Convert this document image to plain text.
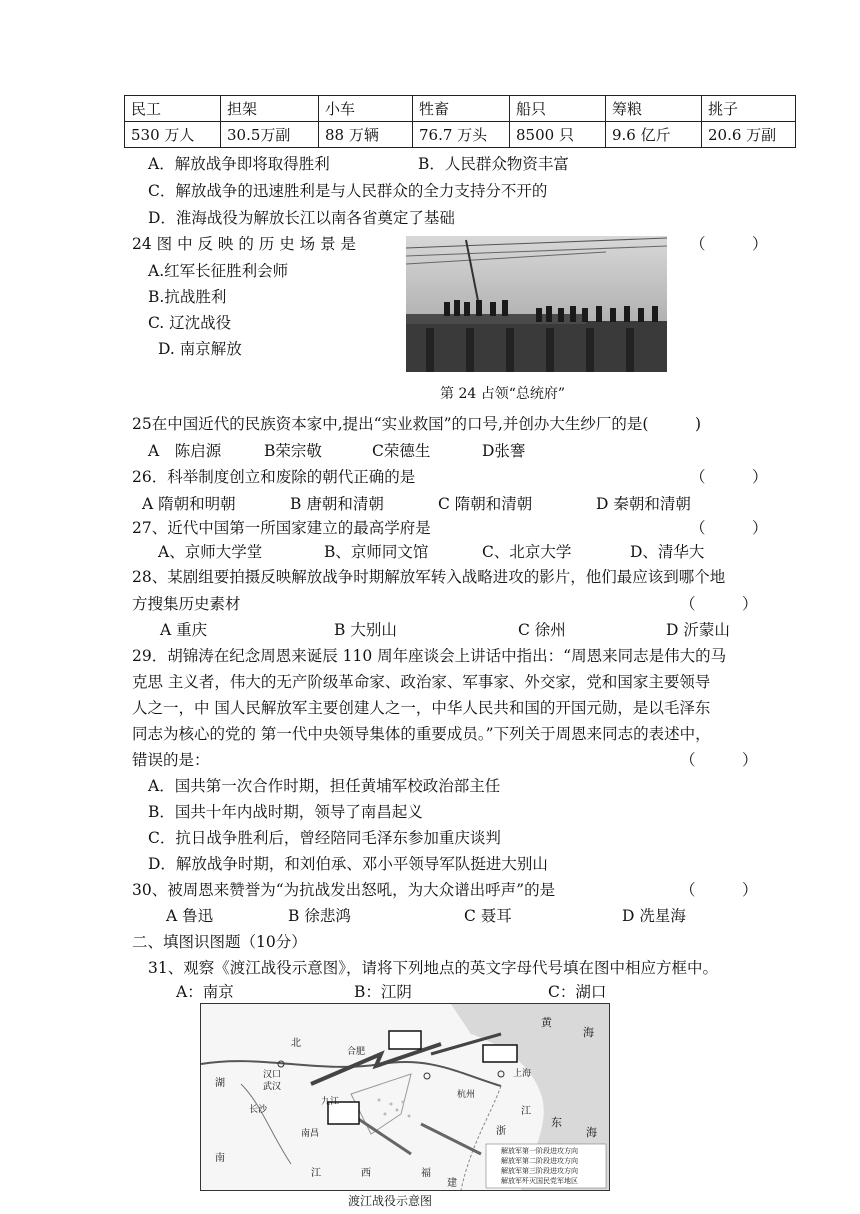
民工	担架	小车	牲畜	船只	筹粮	挑子
530 万人	30.5万副	88 万辆	76.7 万头	8500 只	9.6 亿斤	20.6 万副
A．解放战争即将取得胜利	B．人民群众物资丰富
C．解放战争的迅速胜利是与人民群众的全力支持分不开的
D．淮海战役为解放长江以南各省奠定了基础
24 图 中 反 映 的 历 史 场 景 是	（　　　）
A.红军长征胜利会师
B.抗战胜利
C. 辽沈战役
D. 南京解放
第 24 占领“总统府”
25在中国近代的民族资本家中,提出“实业救国”的口号,并创办大生纱厂的是(　　　)
A　陈启源	B荣宗敬	C荣德生	D张謇
26．科举制度创立和废除的朝代正确的是	（　　　）
A 隋朝和明朝	B 唐朝和清朝	C 隋朝和清朝	D 秦朝和清朝
27、近代中国第一所国家建立的最高学府是	（　　　）
A、京师大学堂	B、京师同文馆	C、北京大学	D、清华大
28、某剧组要拍摄反映解放战争时期解放军转入战略进攻的影片，他们最应该到哪个地
方搜集历史素材	（　　　）
A 重庆	B 大别山	C 徐州	D 沂蒙山
29．胡锦涛在纪念周恩来诞辰 110 周年座谈会上讲话中指出：“周恩来同志是伟大的马
克思 主义者，伟大的无产阶级革命家、政治家、军事家、外交家，党和国家主要领导
人之一，中 国人民解放军主要创建人之一，中华人民共和国的开国元勋，是以毛泽东
同志为核心的党的 第一代中央领导集体的重要成员。”下列关于周恩来同志的表述中，
错误的是：	（　　　）
A．国共第一次合作时期，担任黄埔军校政治部主任
B．国共十年内战时期，领导了南昌起义
C．抗日战争胜利后，曾经陪同毛泽东参加重庆谈判
D．解放战争时期，和刘伯承、邓小平领导军队挺进大别山
30、被周恩来赞誉为“为抗战发出怒吼，为大众谱出呼声”的是	（　　　）
A 鲁迅	B 徐悲鸿	C 聂耳	D 冼星海
二、填图识图题（10分）
31、观察《渡江战役示意图》，请将下列地点的英文字母代号填在图中相应方框中。
A：南京	B：江阴	C：湖口
黄
海
东
海
北
湖
南
江	西	福
建
浙
江
合肥
汉口
武汉
长沙
南昌
九江
杭州
上海
解放军第一阶段进攻方向
解放军第二阶段进攻方向
解放军第三阶段进攻方向
解放军歼灭国民党军地区
渡江战役示意图
